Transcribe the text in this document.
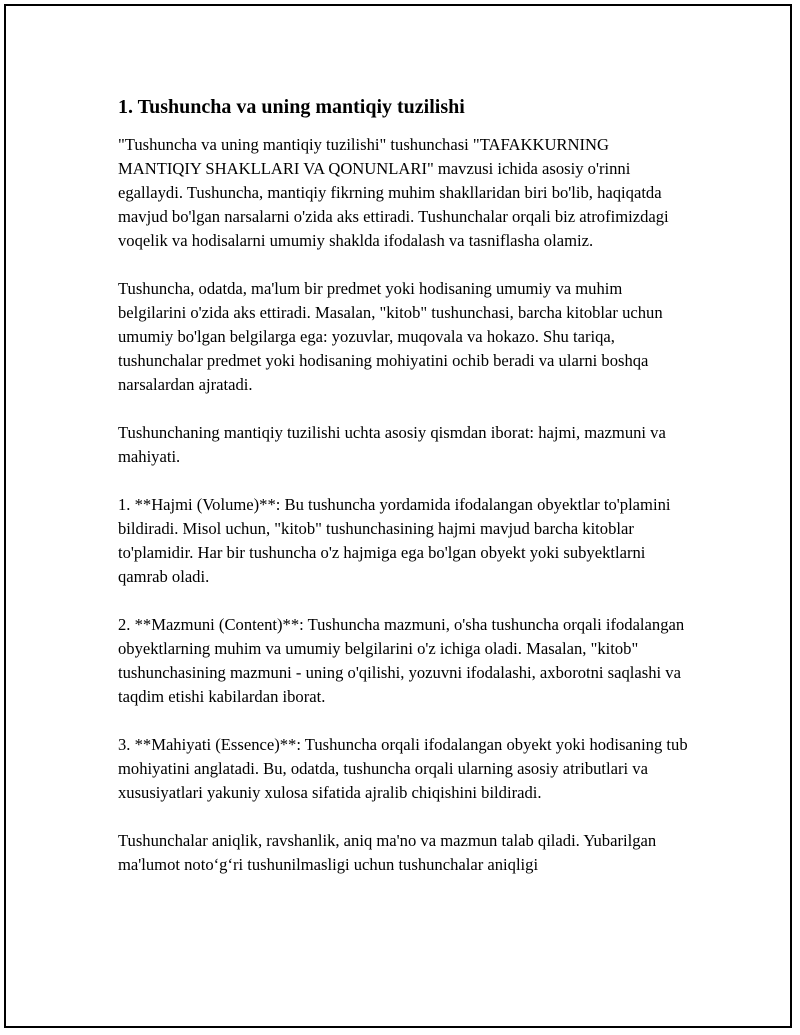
1. Tushuncha va uning mantiqiy tuzilishi

"Tushuncha va uning mantiqiy tuzilishi" tushunchasi "TAFAKKURNING MANTIQIY SHAKLLARI VA QONUNLARI" mavzusi ichida asosiy o'rinni egallaydi. Tushuncha, mantiqiy fikrning muhim shakllaridan biri bo'lib, haqiqatda mavjud bo'lgan narsalarni o'zida aks ettiradi. Tushunchalar orqali biz atrofimizdagi voqelik va hodisalarni umumiy shaklda ifodalash va tasniflasha olamiz.

Tushuncha, odatda, ma'lum bir predmet yoki hodisaning umumiy va muhim belgilarini o'zida aks ettiradi. Masalan, "kitob" tushunchasi, barcha kitoblar uchun umumiy bo'lgan belgilarga ega: yozuvlar, muqovala va hokazo. Shu tariqa, tushunchalar predmet yoki hodisaning mohiyatini ochib beradi va ularni boshqa narsalardan ajratadi.

Tushunchaning mantiqiy tuzilishi uchta asosiy qismdan iborat: hajmi, mazmuni va mahiyati.

1. **Hajmi (Volume)**: Bu tushuncha yordamida ifodalangan obyektlar to'plamini bildiradi. Misol uchun, "kitob" tushunchasining hajmi mavjud barcha kitoblar to'plamidir. Har bir tushuncha o'z hajmiga ega bo'lgan obyekt yoki subyektlarni qamrab oladi.

2. **Mazmuni (Content)**: Tushuncha mazmuni, o'sha tushuncha orqali ifodalangan obyektlarning muhim va umumiy belgilarini o'z ichiga oladi. Masalan, "kitob" tushunchasining mazmuni - uning o'qilishi, yozuvni ifodalashi, axborotni saqlashi va taqdim etishi kabilardan iborat.

3. **Mahiyati (Essence)**: Tushuncha orqali ifodalangan obyekt yoki hodisaning tub mohiyatini anglatadi. Bu, odatda, tushuncha orqali ularning asosiy atributlari va xususiyatlari yakuniy xulosa sifatida ajralib chiqishini bildiradi.

Tushunchalar aniqlik, ravshanlik, aniq ma'no va mazmun talab qiladi. Yubarilgan ma'lumot noto‘g‘ri tushunilmasligi uchun tushunchalar aniqligi
